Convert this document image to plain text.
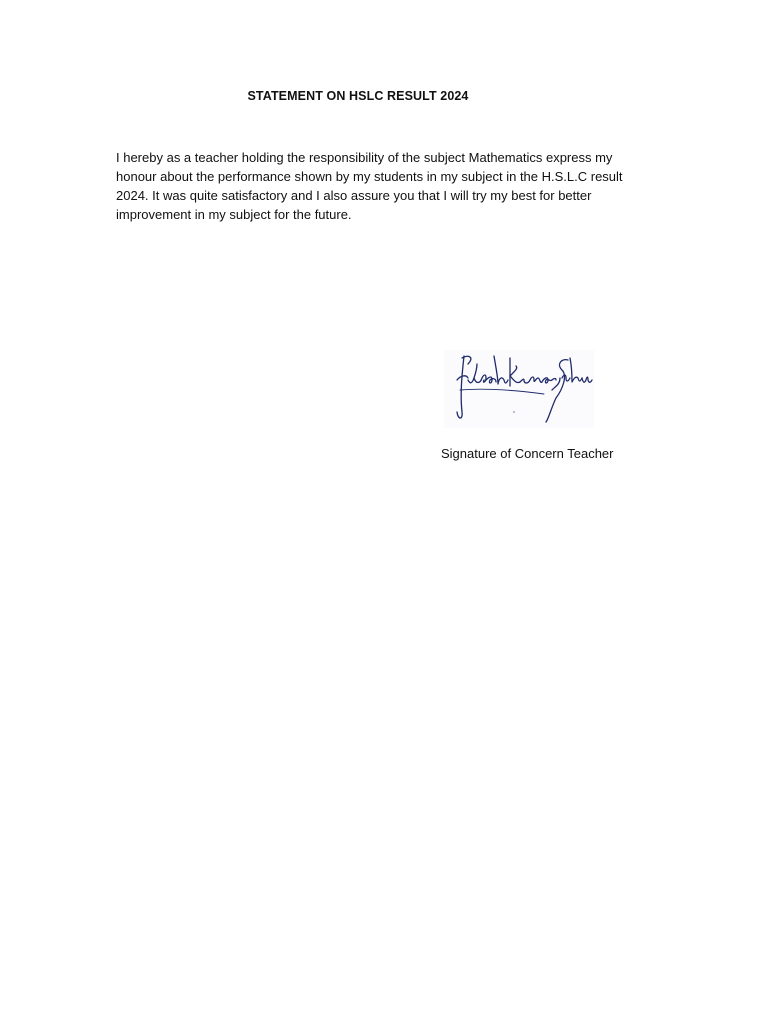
STATEMENT ON HSLC RESULT 2024

I hereby as a teacher holding the responsibility of the subject Mathematics express my honour about the performance shown by my students in my subject in the H.S.L.C result 2024. It was quite satisfactory and I also assure you that I will try my best for better improvement in my subject for the future.

Signature of Concern Teacher
